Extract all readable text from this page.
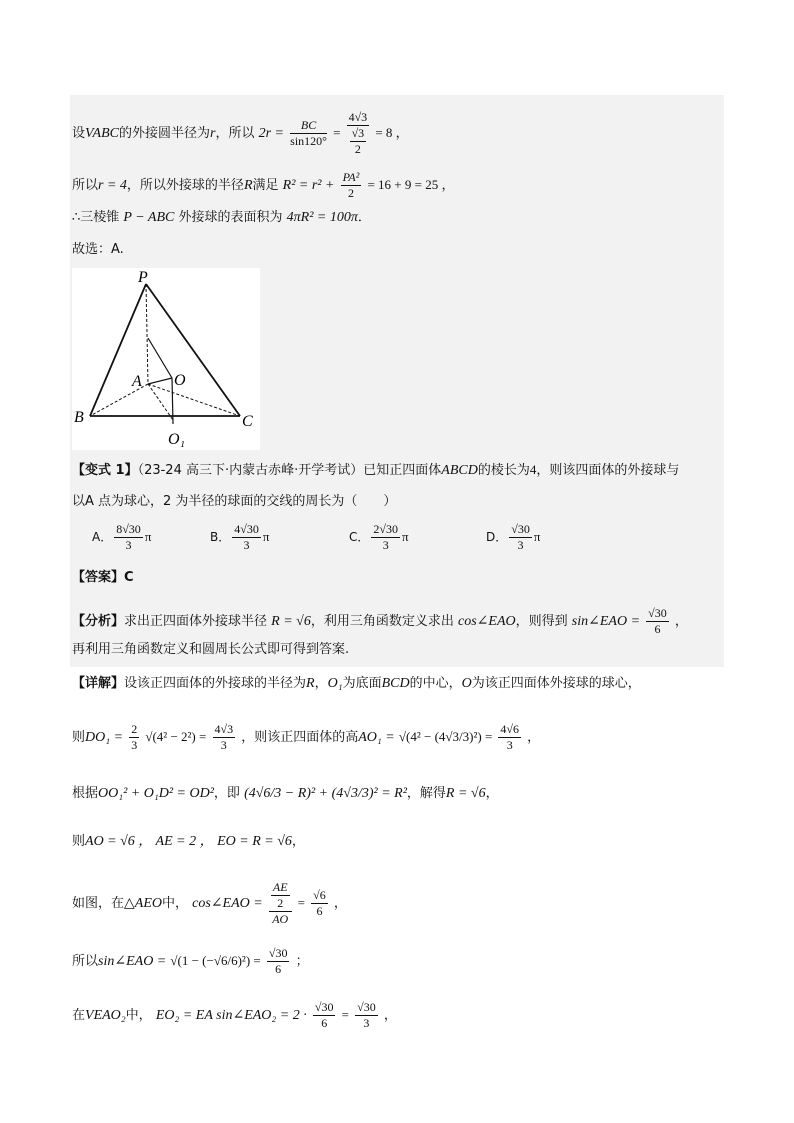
设VABC的外接圆半径为r，所以 $2r = \frac{BC}{\sin 120^\circ} = \frac{4√3}{\frac{√3}{2}} = 8$ ，
所以r = 4，所以外接球的半径R满足 $R^2 = r^2 + \frac{\text{PA²}}{2} = 16 + 9 = 25$ ，
∴三棱锥 P − ABC 外接球的表面积为 4πR² = 100π．
故选：A.
P
A O
B	C
O₁
【变式 1】（23-24 高三下·内蒙古赤峰·开学考试）已知正四面体ABCD的棱长为4，则该四面体的外接球与
以A 点为球心，2 为半径的球面的交线的周长为（　　）
A． $\frac{8√30}{3}$ π	B． $\frac{4√30}{3}$ π	C． $\frac{2√30}{3}$ π	D． $\frac{√30}{3}$ π
【答案】C
【分析】求出正四面体外接球半径 R = √6，利用三角函数定义求出 cos∠EAO，则得到 sin∠EAO = $\frac{√30}{6}$ ，
再利用三角函数定义和圆周长公式即可得到答案.
【详解】设该正四面体的外接球的半径为R，O₁为底面BCD的中心，O为该正四面体外接球的球心，
则$DO_1 = \frac{2}{3} √(4^2 - 2^2) = \frac{4√3}{3}$ ，则该正四面体的高$AO_1 = √(4^2 - (4√3/3)^2) = \frac{4√6}{3}$ ，
根据OO₁² + O₁D² = OD²，即 (4√6/3 − R)² + (4√3/3)² = R²，解得R = √6，
则AO = √6 ， AE = 2 ， EO = R = √6，
如图，在△AEO中， cos∠EAO = $\frac{\frac{AE}{2}}{AO} = \frac{√6}{6}$ ，
所以sin∠EAO = $√(1 - (-√6/6)^2) = \frac{√30}{6}$ ；
在VEAO₂中， EO₂ = EA sin∠EAO₂ = $2 \cdot \frac{√30}{6} = \frac{√30}{3}$ ，
